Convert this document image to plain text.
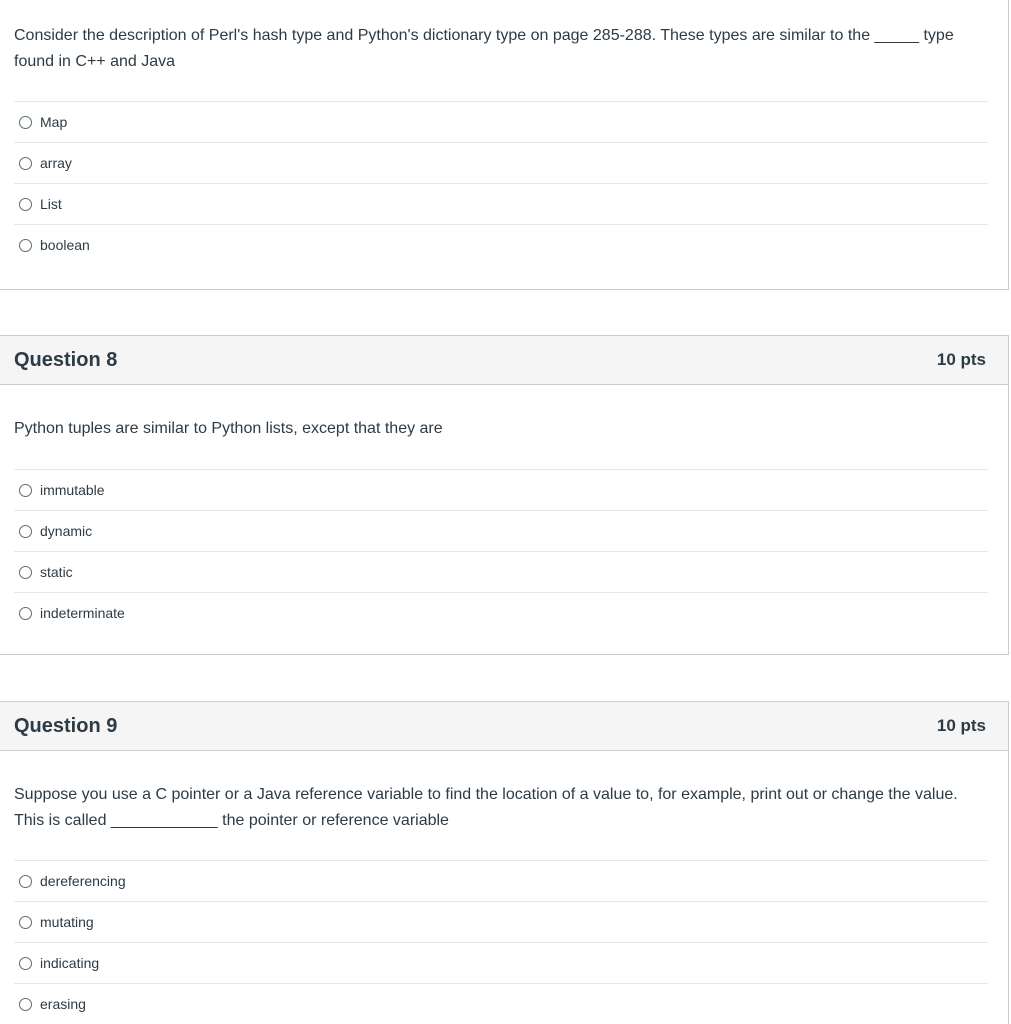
Consider the description of Perl's hash type and Python's dictionary type on page 285-288. These types are similar to the _____ type found in C++ and Java
Map
array
List
boolean
Question 8	10 pts
Python tuples are similar to Python lists, except that they are
immutable
dynamic
static
indeterminate
Question 9	10 pts
Suppose you use a C pointer or a Java reference variable to find the location of a value to, for example, print out or change the value. This is called ____________ the pointer or reference variable
dereferencing
mutating
indicating
erasing
